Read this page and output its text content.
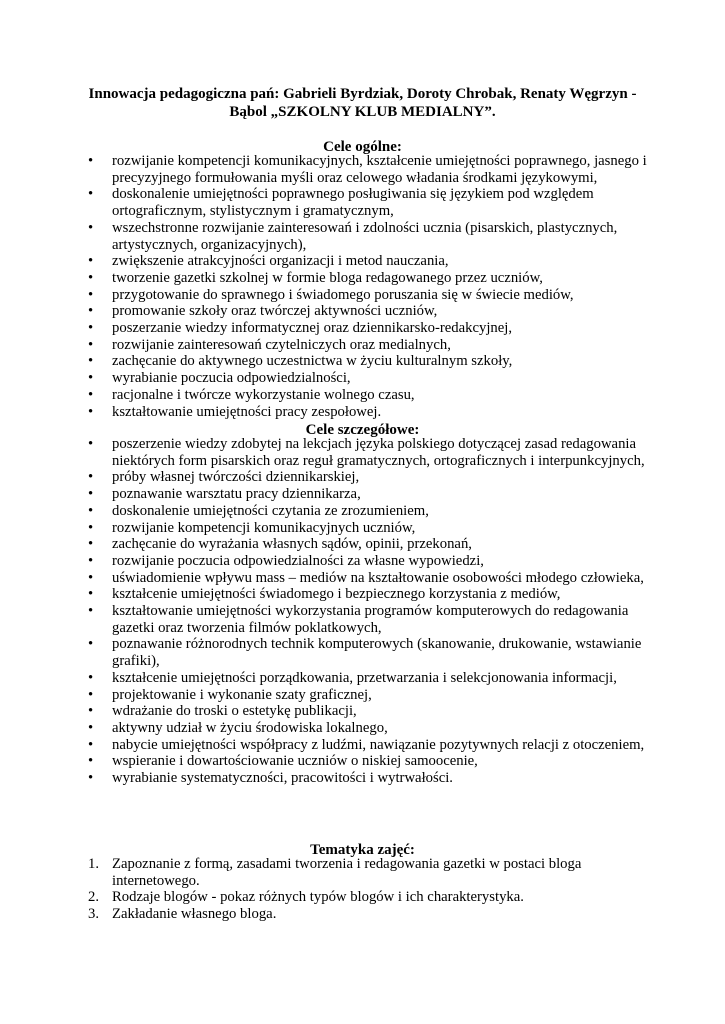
Innowacja pedagogiczna pań: Gabrieli Byrdziak, Doroty Chrobak, Renaty Węgrzyn -
Bąbol „SZKOLNY KLUB MEDIALNY”.
Cele ogólne:
• rozwijanie kompetencji komunikacyjnych, kształcenie umiejętności poprawnego, jasnego i precyzyjnego formułowania myśli oraz celowego władania środkami językowymi,
• doskonalenie umiejętności poprawnego posługiwania się językiem pod względem ortograficznym, stylistycznym i gramatycznym,
• wszechstronne rozwijanie zainteresowań i zdolności ucznia (pisarskich, plastycznych, artystycznych, organizacyjnych),
• zwiększenie atrakcyjności organizacji i metod nauczania,
• tworzenie gazetki szkolnej w formie bloga redagowanego przez uczniów,
• przygotowanie do sprawnego i świadomego poruszania się w świecie mediów,
• promowanie szkoły oraz twórczej aktywności uczniów,
• poszerzanie wiedzy informatycznej oraz dziennikarsko-redakcyjnej,
• rozwijanie zainteresowań czytelniczych oraz medialnych,
• zachęcanie do aktywnego uczestnictwa w życiu kulturalnym szkoły,
• wyrabianie poczucia odpowiedzialności,
• racjonalne i twórcze wykorzystanie wolnego czasu,
• kształtowanie umiejętności pracy zespołowej.
Cele szczegółowe:
• poszerzenie wiedzy zdobytej na lekcjach języka polskiego dotyczącej zasad redagowania niektórych form pisarskich oraz reguł gramatycznych, ortograficznych i interpunkcyjnych,
• próby własnej twórczości dziennikarskiej,
• poznawanie warsztatu pracy dziennikarza,
• doskonalenie umiejętności czytania ze zrozumieniem,
• rozwijanie kompetencji komunikacyjnych uczniów,
• zachęcanie do wyrażania własnych sądów, opinii, przekonań,
• rozwijanie poczucia odpowiedzialności za własne wypowiedzi,
• uświadomienie wpływu mass – mediów na kształtowanie osobowości młodego człowieka,
• kształcenie umiejętności świadomego i bezpiecznego korzystania z mediów,
• kształtowanie umiejętności wykorzystania programów komputerowych do redagowania gazetki oraz tworzenia filmów poklatkowych,
• poznawanie różnorodnych technik komputerowych (skanowanie, drukowanie, wstawianie grafiki),
• kształcenie umiejętności porządkowania, przetwarzania i selekcjonowania informacji,
• projektowanie i wykonanie szaty graficznej,
• wdrażanie do troski o estetykę publikacji,
• aktywny udział w życiu środowiska lokalnego,
• nabycie umiejętności współpracy z ludźmi, nawiązanie pozytywnych relacji z otoczeniem,
• wspieranie i dowartościowanie uczniów o niskiej samoocenie,
• wyrabianie systematyczności, pracowitości i wytrwałości.
Tematyka zajęć:
1. Zapoznanie z formą, zasadami tworzenia i redagowania gazetki w postaci bloga internetowego.
2. Rodzaje blogów - pokaz różnych typów blogów i ich charakterystyka.
3. Zakładanie własnego bloga.
